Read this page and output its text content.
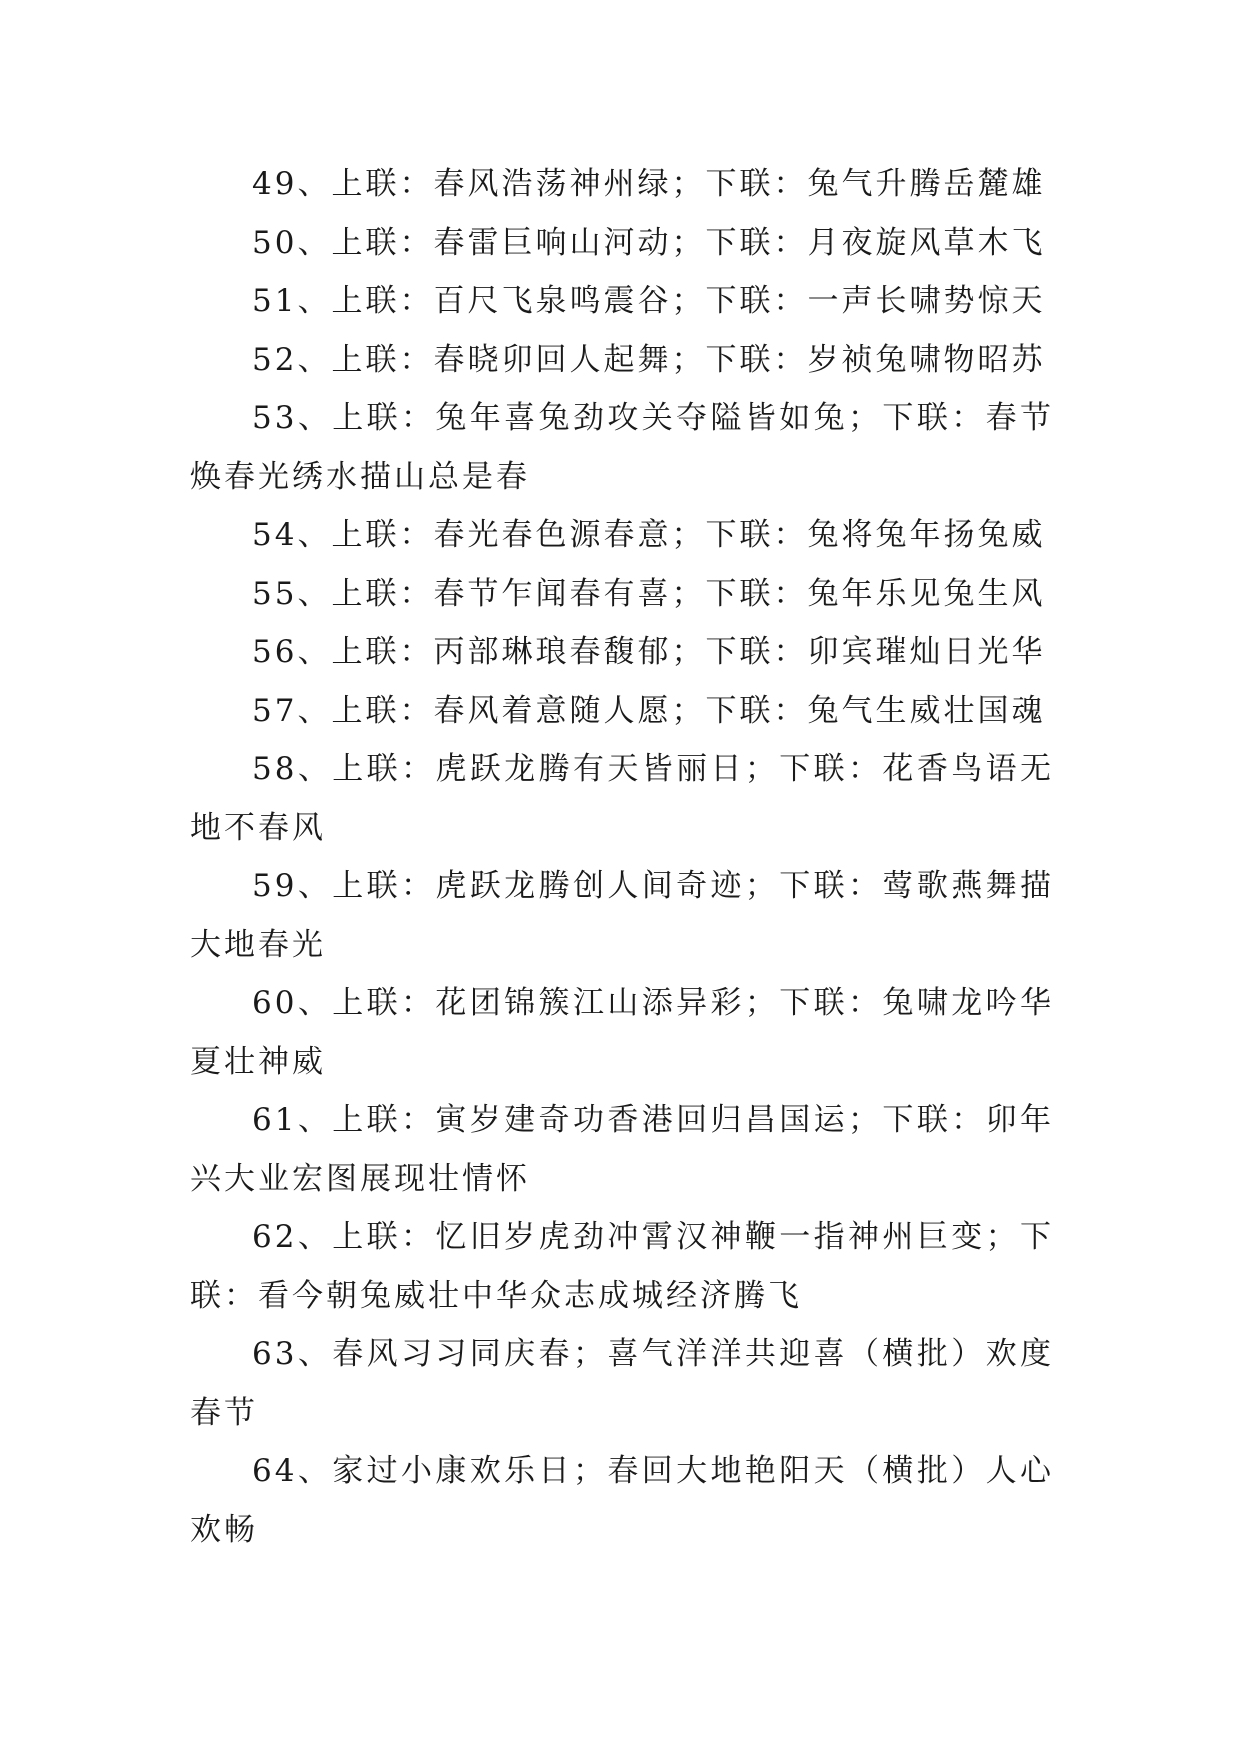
49、上联：春风浩荡神州绿；下联：兔气升腾岳麓雄

50、上联：春雷巨响山河动；下联：月夜旋风草木飞

51、上联：百尺飞泉鸣震谷；下联：一声长啸势惊天

52、上联：春晓卯回人起舞；下联：岁祯兔啸物昭苏

53、上联：兔年喜兔劲攻关夺隘皆如兔；下联：春节焕春光绣水描山总是春

54、上联：春光春色源春意；下联：兔将兔年扬兔威

55、上联：春节乍闻春有喜；下联：兔年乐见兔生风

56、上联：丙部琳琅春馥郁；下联：卯宾璀灿日光华

57、上联：春风着意随人愿；下联：兔气生威壮国魂

58、上联：虎跃龙腾有天皆丽日；下联：花香鸟语无地不春风

59、上联：虎跃龙腾创人间奇迹；下联：莺歌燕舞描大地春光

60、上联：花团锦簇江山添异彩；下联：兔啸龙吟华夏壮神威

61、上联：寅岁建奇功香港回归昌国运；下联：卯年兴大业宏图展现壮情怀

62、上联：忆旧岁虎劲冲霄汉神鞭一指神州巨变；下联：看今朝兔威壮中华众志成城经济腾飞

63、春风习习同庆春；喜气洋洋共迎喜（横批）欢度春节

64、家过小康欢乐日；春回大地艳阳天（横批）人心欢畅
